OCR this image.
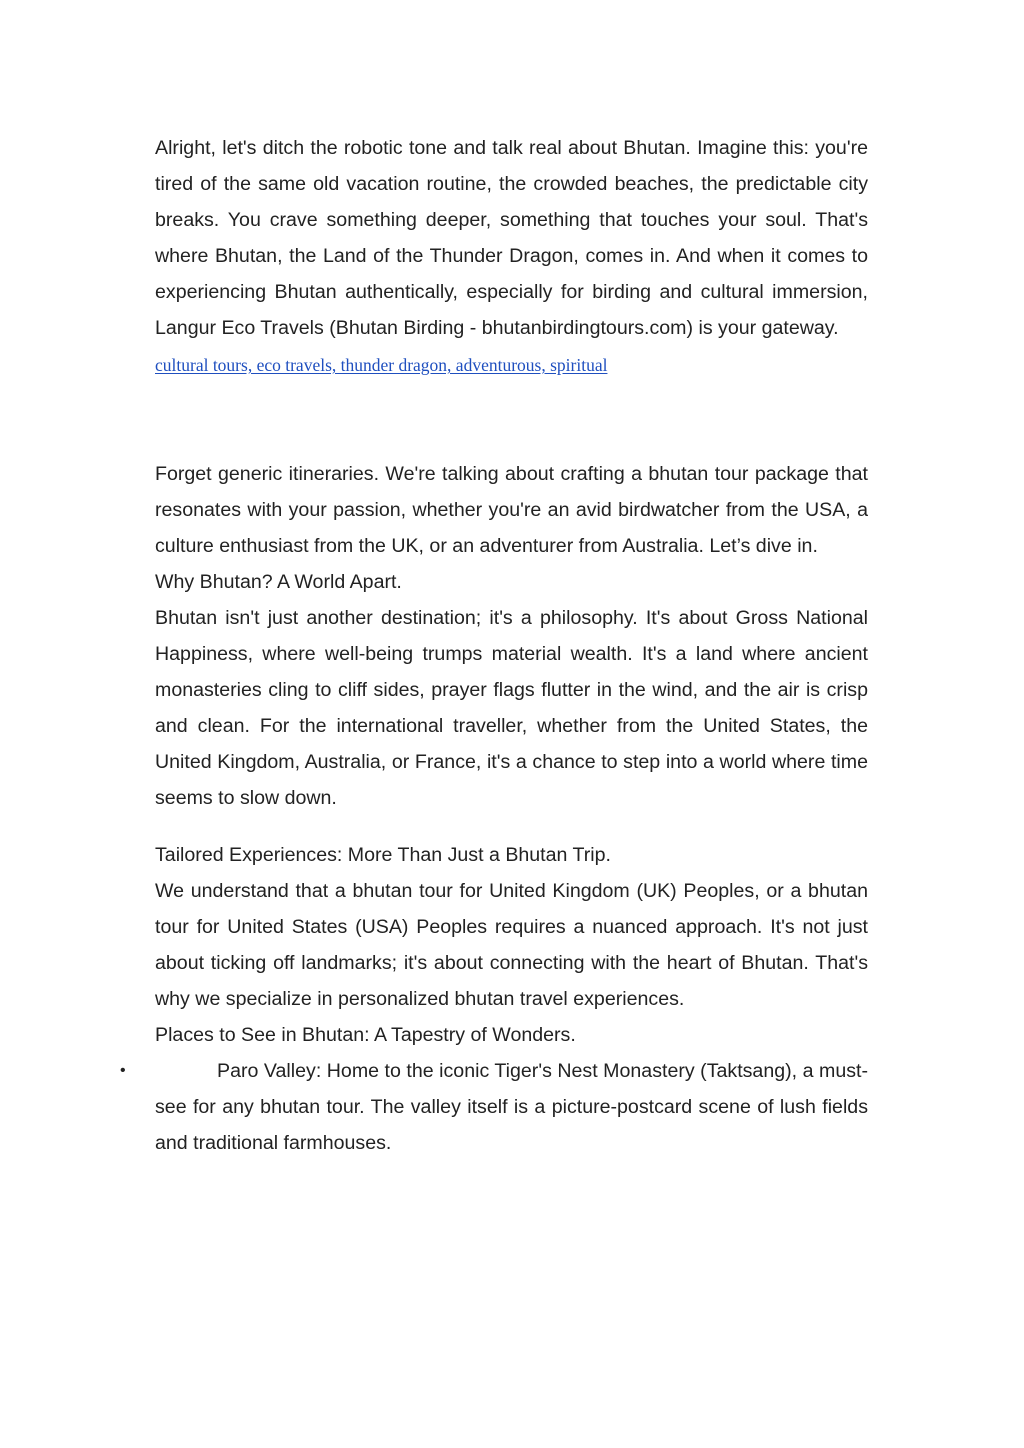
Alright, let's ditch the robotic tone and talk real about Bhutan. Imagine this: you're tired of the same old vacation routine, the crowded beaches, the predictable city breaks. You crave something deeper, something that touches your soul. That's where Bhutan, the Land of the Thunder Dragon, comes in. And when it comes to experiencing Bhutan authentically, especially for birding and cultural immersion, Langur Eco Travels (Bhutan Birding - bhutanbirdingtours.com) is your gateway.

cultural tours, eco travels, thunder dragon, adventurous, spiritual

Forget generic itineraries. We're talking about crafting a bhutan tour package that resonates with your passion, whether you're an avid birdwatcher from the USA, a culture enthusiast from the UK, or an adventurer from Australia. Let’s dive in.

Why Bhutan? A World Apart.

Bhutan isn't just another destination; it's a philosophy. It's about Gross National Happiness, where well-being trumps material wealth. It's a land where ancient monasteries cling to cliff sides, prayer flags flutter in the wind, and the air is crisp and clean. For the international traveller, whether from the United States, the United Kingdom, Australia, or France, it's a chance to step into a world where time seems to slow down.

Tailored Experiences: More Than Just a Bhutan Trip.

We understand that a bhutan tour for United Kingdom (UK) Peoples, or a bhutan tour for United States (USA) Peoples requires a nuanced approach. It's not just about ticking off landmarks; it's about connecting with the heart of Bhutan. That's why we specialize in personalized bhutan travel experiences.

Places to See in Bhutan: A Tapestry of Wonders.

•	Paro Valley: Home to the iconic Tiger's Nest Monastery (Taktsang), a must-see for any bhutan tour. The valley itself is a picture-postcard scene of lush fields and traditional farmhouses.
